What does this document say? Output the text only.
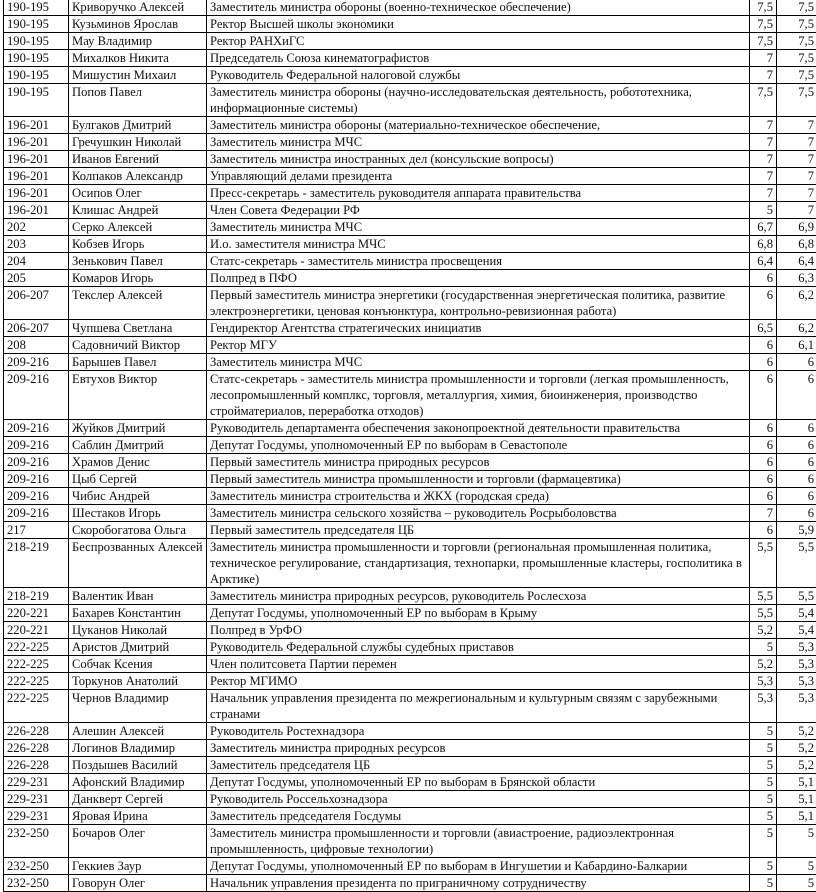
190-195	Криворучко Алексей	Заместитель министра обороны (военно-техническое обеспечение)	7,5	7,5
190-195	Кузьминов Ярослав	Ректор Высшей школы экономики	7,5	7,5
190-195	Мау Владимир	Ректор РАНХиГС	7,5	7,5
190-195	Михалков Никита	Председатель Союза кинематографистов	7	7,5
190-195	Мишустин Михаил	Руководитель Федеральной налоговой службы	7	7,5
190-195	Попов Павел	Заместитель министра обороны (научно-исследовательская деятельность, робототехника, информационные системы)	7,5	7,5
196-201	Булгаков Дмитрий	Заместитель министра обороны (материально-техническое обеспечение,	7	7
196-201	Гречушкин Николай	Заместитель министра МЧС	7	7
196-201	Иванов Евгений	Заместитель министра иностранных дел (консульские вопросы)	7	7
196-201	Колпаков Александр	Управляющий делами президента	7	7
196-201	Осипов Олег	Пресс-секретарь - заместитель руководителя аппарата правительства	7	7
196-201	Клишас Андрей	Член Совета Федерации РФ	5	7
202	Серко Алексей	Заместитель министра МЧС	6,7	6,9
203	Кобзев Игорь	И.о. заместителя министра МЧС	6,8	6,8
204	Зенькович Павел	Статс-секретарь - заместитель министра просвещения	6,4	6,4
205	Комаров Игорь	Полпред в ПФО	6	6,3
206-207	Текслер Алексей	Первый заместитель министра энергетики (государственная энергетическая политика, развитие электроэнергетики, ценовая конъюнктура, контрольно-ревизионная работа)	6	6,2
206-207	Чупшева Светлана	Гендиректор Агентства стратегических инициатив	6,5	6,2
208	Садовничий Виктор	Ректор МГУ	6	6,1
209-216	Барышев Павел	Заместитель министра МЧС	6	6
209-216	Евтухов Виктор	Статс-секретарь - заместитель министра промышленности и торговли (легкая промышленность, лесопромышленный комплкс, торговля, металлургия, химия, биоинженерия, производство стройматериалов, переработка отходов)	6	6
209-216	Жуйков Дмитрий	Руководитель департамента обеспечения законопроектной деятельности правительства	6	6
209-216	Саблин Дмитрий	Депутат Госдумы, уполномоченный ЕР по выборам в Севастополе	6	6
209-216	Храмов Денис	Первый заместитель министра природных ресурсов	6	6
209-216	Цыб Сергей	Первый заместитель министра промышленности и торговли (фармацевтика)	6	6
209-216	Чибис Андрей	Заместитель министра строительства и ЖКХ (городская среда)	6	6
209-216	Шестаков Игорь	Заместитель министра сельского хозяйства – руководитель Росрыболовства	7	6
217	Скоробогатова Ольга	Первый заместитель председателя ЦБ	6	5,9
218-219	Беспрозванных Алексей	Заместитель министра промышленности и торговли (региональная промышленная политика, техническое регулирование, стандартизация, технопарки, промышленные кластеры, госполитика в Арктике)	5,5	5,5
218-219	Валентик Иван	Заместитель министра природных ресурсов, руководитель Рослесхоза	5,5	5,5
220-221	Бахарев Константин	Депутат Госдумы, уполномоченный ЕР по выборам в Крыму	5,5	5,4
220-221	Цуканов Николай	Полпред в УрФО	5,2	5,4
222-225	Аристов Дмитрий	Руководитель Федеральной службы судебных приставов	5	5,3
222-225	Собчак Ксения	Член политсовета Партии перемен	5,2	5,3
222-225	Торкунов Анатолий	Ректор МГИМО	5,3	5,3
222-225	Чернов Владимир	Начальник управления президента по межрегиональным и культурным связям с зарубежными странами	5,3	5,3
226-228	Алешин Алексей	Руководитель Ростехнадзора	5	5,2
226-228	Логинов Владимир	Заместитель министра природных ресурсов	5	5,2
226-228	Поздышев Василий	Заместитель председателя ЦБ	5	5,2
229-231	Афонский Владимир	Депутат Госдумы, уполномоченный ЕР по выборам в Брянской области	5	5,1
229-231	Данкверт Сергей	Руководитель Россельхознадзора	5	5,1
229-231	Яровая Ирина	Заместитель председателя Госдумы	5	5,1
232-250	Бочаров Олег	Заместитель министра промышленности и торговли (авиастроение, радиоэлектронная промышленность, цифровые технологии)	5	5
232-250	Геккиев Заур	Депутат Госдумы, уполномоченный ЕР по выборам в Ингушетии и Кабардино-Балкарии	5	5
232-250	Говорун Олег	Начальник управления президента по приграничному сотрудничеству	5	5
